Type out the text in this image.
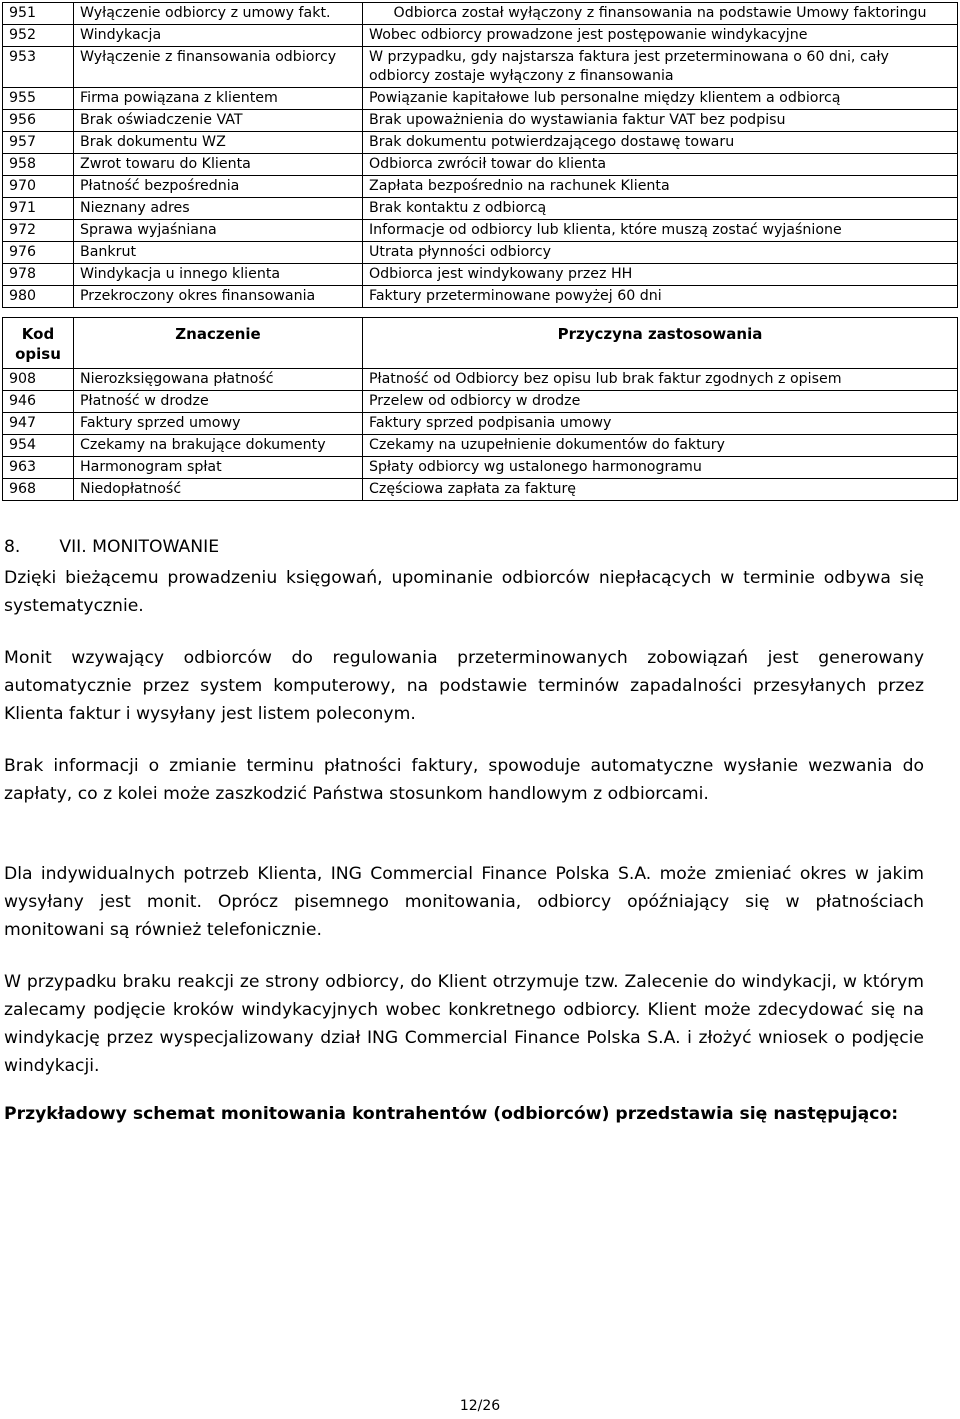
951	Wyłączenie odbiorcy z umowy fakt.	Odbiorca został wyłączony z finansowania na podstawie Umowy faktoringu
952	Windykacja	Wobec odbiorcy prowadzone jest postępowanie windykacyjne
953	Wyłączenie z finansowania odbiorcy	W przypadku, gdy najstarsza faktura jest przeterminowana o 60 dni, cały odbiorcy zostaje wyłączony z finansowania
955	Firma powiązana z klientem	Powiązanie kapitałowe lub personalne między klientem a odbiorcą
956	Brak oświadczenie VAT	Brak upoważnienia do wystawiania faktur VAT bez podpisu
957	Brak dokumentu WZ	Brak dokumentu potwierdzającego dostawę towaru
958	Zwrot towaru do Klienta	Odbiorca zwrócił towar do klienta
970	Płatność bezpośrednia	Zapłata bezpośrednio na rachunek Klienta
971	Nieznany adres	Brak kontaktu z odbiorcą
972	Sprawa wyjaśniana	Informacje od odbiorcy lub klienta, które muszą zostać wyjaśnione
976	Bankrut	Utrata płynności odbiorcy
978	Windykacja u innego klienta	Odbiorca jest windykowany przez HH
980	Przekroczony okres finansowania	Faktury przeterminowane powyżej 60 dni
Kod opisu	Znaczenie	Przyczyna zastosowania
908	Nierozksięgowana płatność	Płatność od Odbiorcy bez opisu lub brak faktur zgodnych z opisem
946	Płatność w drodze	Przelew od odbiorcy w drodze
947	Faktury sprzed umowy	Faktury sprzed podpisania umowy
954	Czekamy na brakujące dokumenty	Czekamy na uzupełnienie dokumentów do faktury
963	Harmonogram spłat	Spłaty odbiorcy wg ustalonego harmonogramu
968	Niedopłatność	Częściowa zapłata za fakturę
8. VII. MONITOWANIE

Dzięki bieżącemu prowadzeniu księgowań, upominanie odbiorców niepłacących w terminie odbywa się systematycznie.

Monit wzywający odbiorców do regulowania przeterminowanych zobowiązań jest generowany automatycznie przez system komputerowy, na podstawie terminów zapadalności przesyłanych przez Klienta faktur i wysyłany jest listem poleconym.

Brak informacji o zmianie terminu płatności faktury, spowoduje automatyczne wysłanie wezwania do zapłaty, co z kolei może zaszkodzić Państwa stosunkom handlowym z odbiorcami.

Dla indywidualnych potrzeb Klienta, ING Commercial Finance Polska S.A. może zmieniać okres w jakim wysyłany jest monit. Oprócz pisemnego monitowania, odbiorcy opóźniający się w płatnościach monitowani są również telefonicznie.

W przypadku braku reakcji ze strony odbiorcy, do Klient otrzymuje tzw. Zalecenie do windykacji, w którym zalecamy podjęcie kroków windykacyjnych wobec konkretnego odbiorcy. Klient może zdecydować się na windykację przez wyspecjalizowany dział ING Commercial Finance Polska S.A. i złożyć wniosek o podjęcie windykacji.

Przykładowy schemat monitowania kontrahentów (odbiorców) przedstawia się następująco:

12/26
